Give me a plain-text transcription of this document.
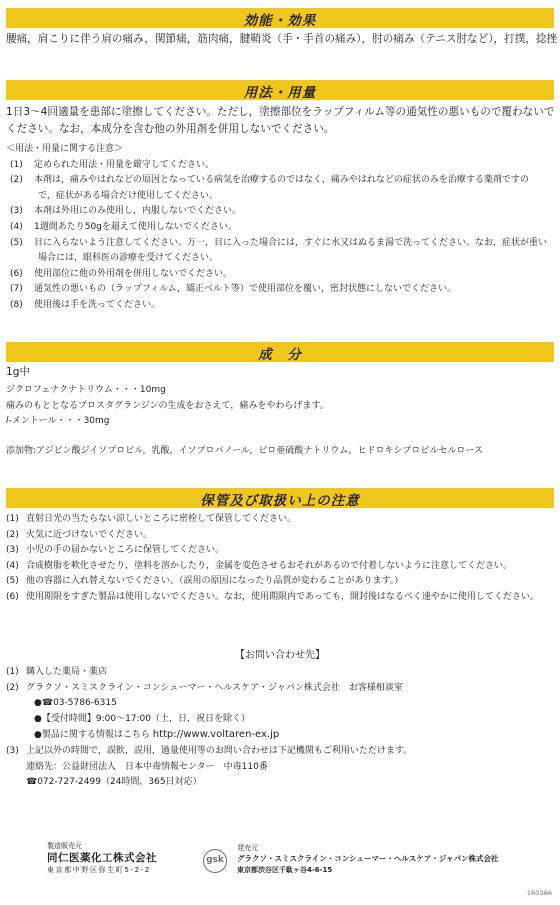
効能・効果
腰痛，肩こりに伴う肩の痛み，関節痛，筋肉痛，腱鞘炎（手・手首の痛み），肘の痛み（テニス肘など），打撲，捻挫
用法・用量
1日3〜4回適量を患部に塗擦してください。ただし，塗擦部位をラップフィルム等の通気性の悪いもので覆わないで
ください。なお，本成分を含む他の外用剤を併用しないでください。
＜用法・用量に関する注意＞
(1) 定められた用法・用量を厳守してください。
(2) 本剤は，痛みやはれなどの原因となっている病気を治療するのではなく，痛みやはれなどの症状のみを治療する薬剤ですの
で，症状がある場合だけ使用してください。
(3) 本剤は外用にのみ使用し，内服しないでください。
(4) 1週間あたり50gを超えて使用しないでください。
(5) 目に入らないよう注意してください。万一，目に入った場合には，すぐに水又はぬるま湯で洗ってください。なお，症状が重い
場合には，眼科医の診療を受けてください。
(6) 使用部位に他の外用剤を併用しないでください。
(7) 通気性の悪いもの（ラップフィルム，矯正ベルト等）で使用部位を覆い，密封状態にしないでください。
(8) 使用後は手を洗ってください。
成　分
1g中
ジクロフェナクナトリウム・・・10mg
痛みのもととなるプロスタグランジンの生成をおさえて，痛みをやわらげます。
l-メントール・・・30mg
添加物:アジピン酸ジイソプロピル，乳酸，イソプロパノール，ピロ亜硫酸ナトリウム，ヒドロキシプロピルセルロース
保管及び取扱い上の注意
(1) 直射日光の当たらない涼しいところに密栓して保管してください。
(2) 火気に近づけないでください。
(3) 小児の手の届かないところに保管してください。
(4) 合成樹脂を軟化させたり，塗料を溶かしたり，金属を変色させるおそれがあるので付着しないように注意してください。
(5) 他の容器に入れ替えないでください。（誤用の原因になったり品質が変わることがあります。）
(6) 使用期限をすぎた製品は使用しないでください。なお，使用期限内であっても，開封後はなるべく速やかに使用してください。
【お問い合わせ先】
(1) 購入した薬局・薬店
(2) グラクソ・スミスクライン・コンシューマー・ヘルスケア・ジャパン株式会社　お客様相談室
●☎03-5786-6315
●【受付時間】9:00〜17:00（土，日，祝日を除く）
●製品に関する情報はこちら http://www.voltaren-ex.jp
(3) 上記以外の時間で，誤飲，誤用，過量使用等のお問い合わせは下記機関もご利用いただけます。
連絡先：公益財団法人　日本中毒情報センター　中毒110番
☎072-727-2499（24時間，365日対応）
製造販売元
同仁医薬化工株式会社
東京都中野区弥生町5-2-2
gsk
発売元
グラクソ・スミスクライン・コンシューマー・ヘルスケア・ジャパン株式会社
東京都渋谷区千駄ヶ谷4-6-15
1603A6
